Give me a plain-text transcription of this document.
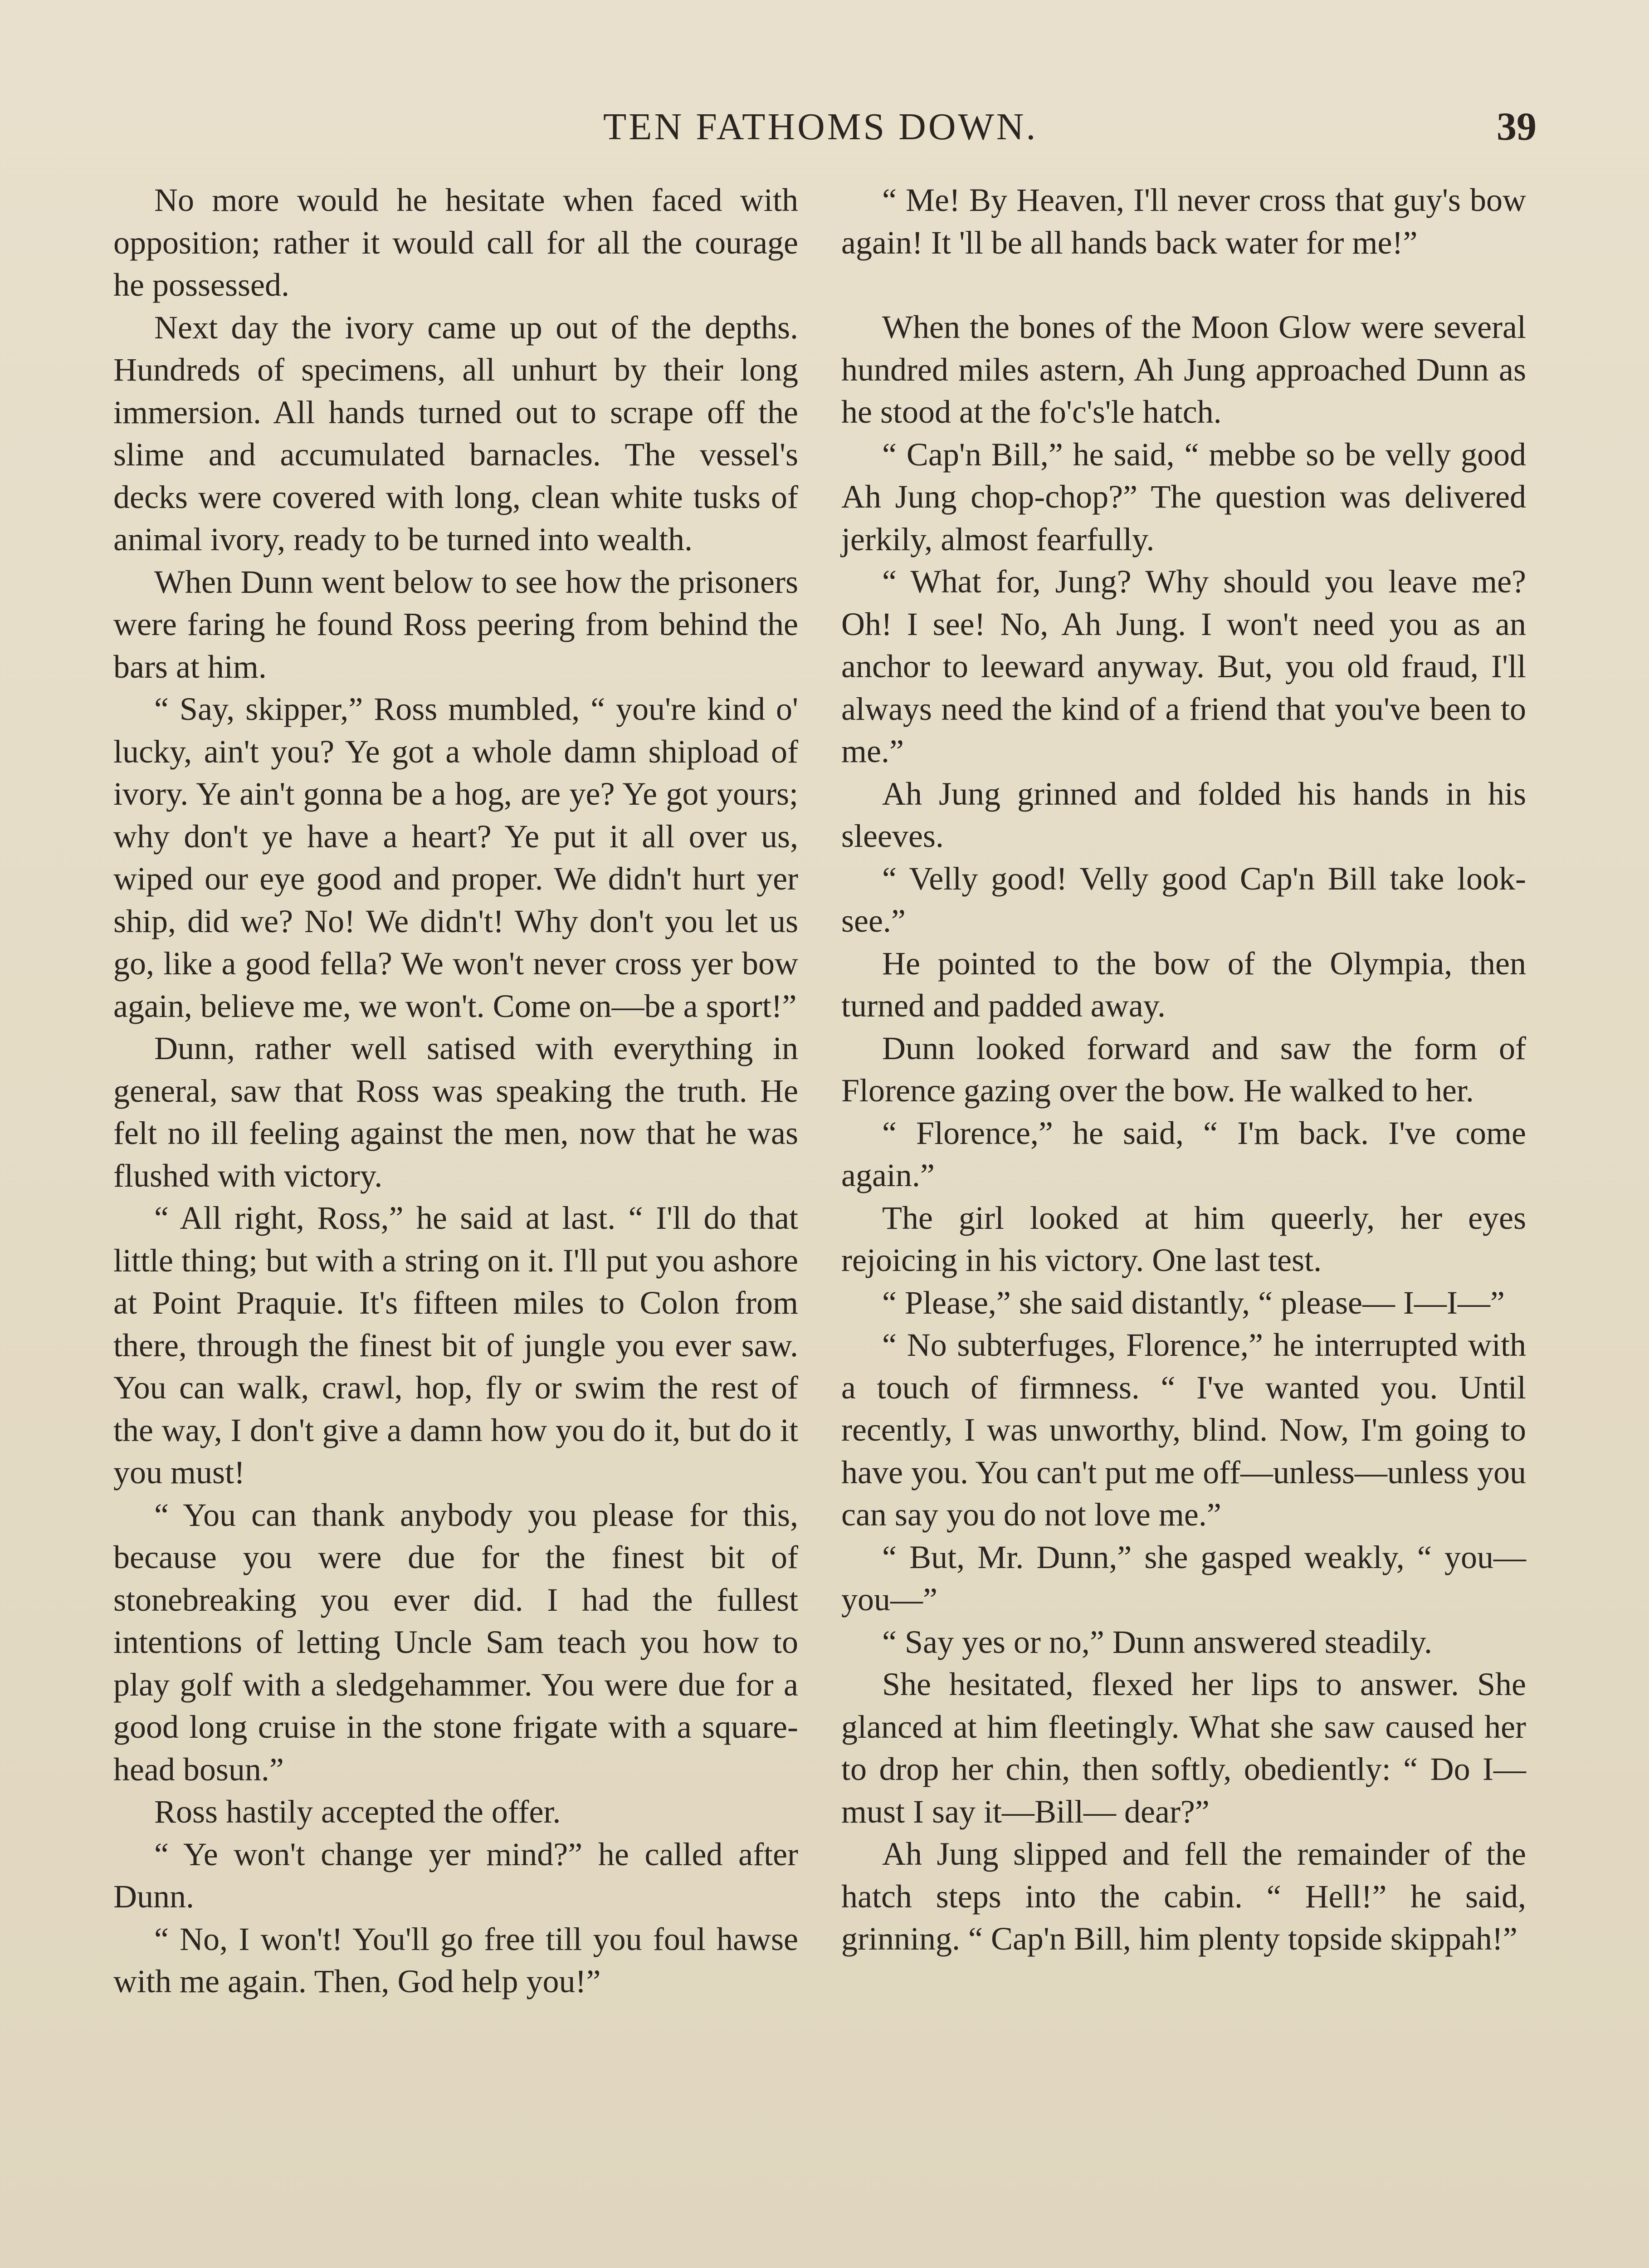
TEN FATHOMS DOWN.	39

No more would he hesitate when faced with opposition; rather it would call for all the courage he possessed.

Next day the ivory came up out of the depths. Hundreds of specimens, all unhurt by their long immersion. All hands turned out to scrape off the slime and accumulated barnacles. The vessel's decks were covered with long, clean white tusks of animal ivory, ready to be turned into wealth.

When Dunn went below to see how the prisoners were faring he found Ross peering from behind the bars at him.

“ Say, skipper,” Ross mumbled, “ you're kind o' lucky, ain't you? Ye got a whole damn shipload of ivory. Ye ain't gonna be a hog, are ye? Ye got yours; why don't ye have a heart? Ye put it all over us, wiped our eye good and proper. We didn't hurt yer ship, did we? No! We didn't! Why don't you let us go, like a good fella? We won't never cross yer bow again, believe me, we won't. Come on—be a sport!”

Dunn, rather well satised with everything in general, saw that Ross was speaking the truth. He felt no ill feeling against the men, now that he was flushed with victory.

“ All right, Ross,” he said at last. “ I'll do that little thing; but with a string on it. I'll put you ashore at Point Praquie. It's fifteen miles to Colon from there, through the finest bit of jungle you ever saw. You can walk, crawl, hop, fly or swim the rest of the way, I don't give a damn how you do it, but do it you must!

“ You can thank anybody you please for this, because you were due for the finest bit of stonebreaking you ever did. I had the fullest intentions of letting Uncle Sam teach you how to play golf with a sledgehammer. You were due for a good long cruise in the stone frigate with a squarehead bosun.”

Ross hastily accepted the offer.

“ Ye won't change yer mind?” he called after Dunn.

“ No, I won't! You'll go free till you foul hawse with me again. Then, God help you!”

“ Me! By Heaven, I'll never cross that guy's bow again! It 'll be all hands back water for me!”

When the bones of the Moon Glow were several hundred miles astern, Ah Jung approached Dunn as he stood at the fo'c's'le hatch.

“ Cap'n Bill,” he said, “ mebbe so be velly good Ah Jung chop-chop?” The question was delivered jerkily, almost fearfully.

“ What for, Jung? Why should you leave me? Oh! I see! No, Ah Jung. I won't need you as an anchor to leeward anyway. But, you old fraud, I'll always need the kind of a friend that you've been to me.”

Ah Jung grinned and folded his hands in his sleeves.

“ Velly good! Velly good Cap'n Bill take look-see.”

He pointed to the bow of the Olympia, then turned and padded away.

Dunn looked forward and saw the form of Florence gazing over the bow. He walked to her.

“ Florence,” he said, “ I'm back. I've come again.”

The girl looked at him queerly, her eyes rejoicing in his victory. One last test.

“ Please,” she said distantly, “ please— I—I—”

“ No subterfuges, Florence,” he interrupted with a touch of firmness. “ I've wanted you. Until recently, I was unworthy, blind. Now, I'm going to have you. You can't put me off—unless—unless you can say you do not love me.”

“ But, Mr. Dunn,” she gasped weakly, “ you—you—”

“ Say yes or no,” Dunn answered steadily.

She hesitated, flexed her lips to answer. She glanced at him fleetingly. What she saw caused her to drop her chin, then softly, obediently: “ Do I—must I say it—Bill— dear?”

Ah Jung slipped and fell the remainder of the hatch steps into the cabin. “ Hell!” he said, grinning. “ Cap'n Bill, him plenty topside skippah!”
